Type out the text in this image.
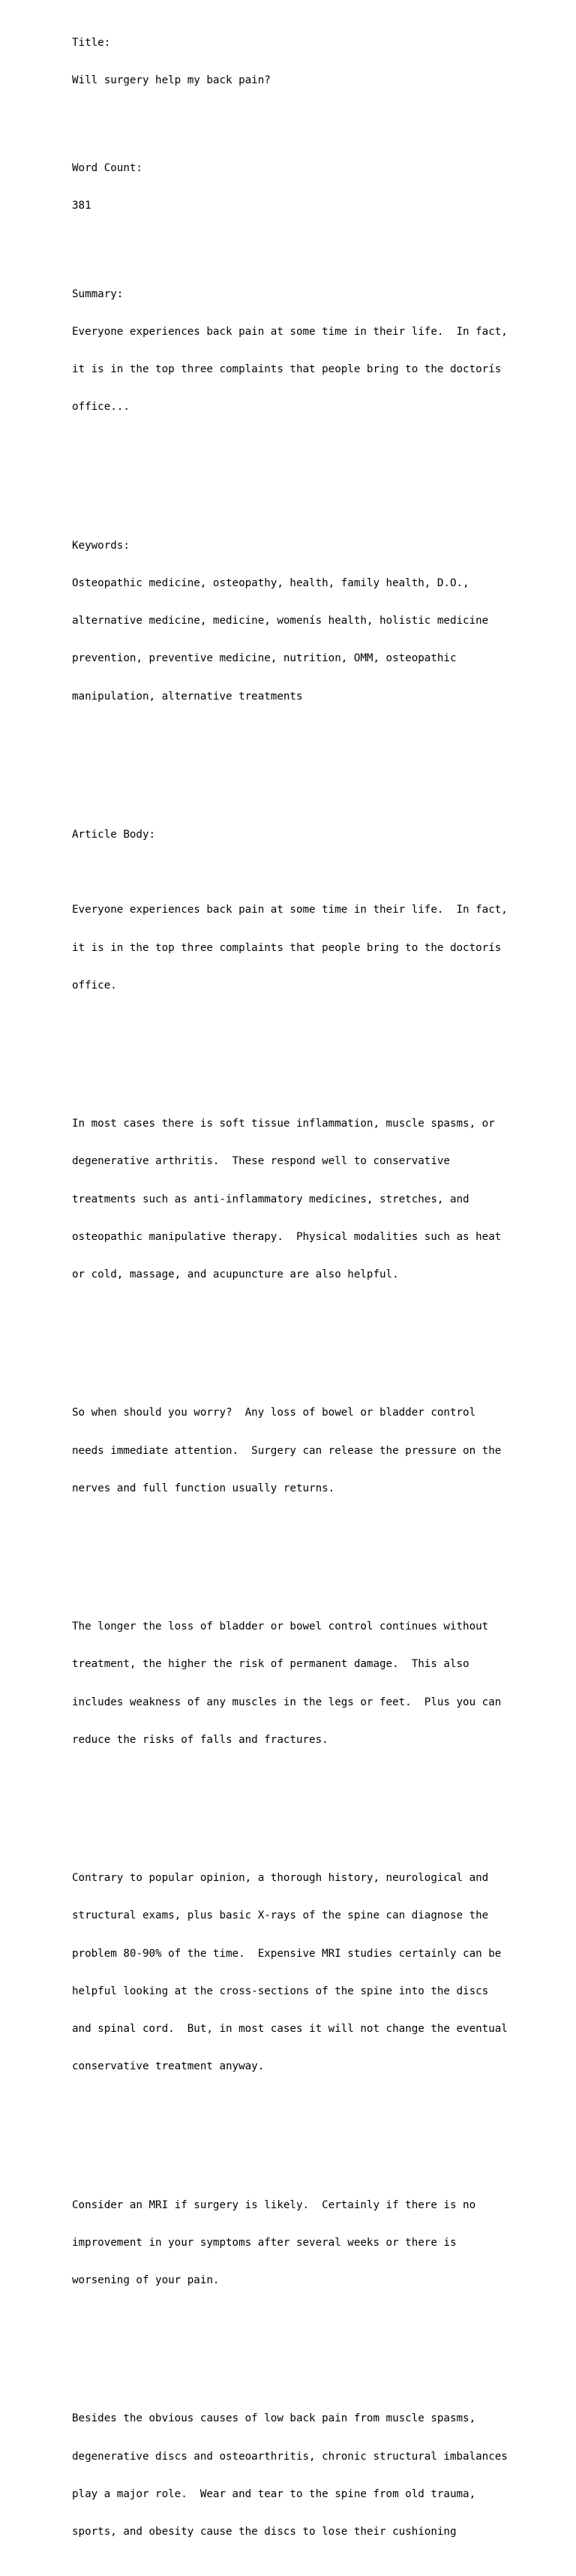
Title:

Will surgery help my back pain?

Word Count:

381

Summary:

Everyone experiences back pain at some time in their life.  In fact,

it is in the top three complaints that people bring to the doctorís

office...

Keywords:

Osteopathic medicine, osteopathy, health, family health, D.O.,

alternative medicine, medicine, womenís health, holistic medicine

prevention, preventive medicine, nutrition, OMM, osteopathic

manipulation, alternative treatments

Article Body:

Everyone experiences back pain at some time in their life.  In fact,

it is in the top three complaints that people bring to the doctorís

office.

In most cases there is soft tissue inflammation, muscle spasms, or

degenerative arthritis.  These respond well to conservative

treatments such as anti-inflammatory medicines, stretches, and

osteopathic manipulative therapy.  Physical modalities such as heat

or cold, massage, and acupuncture are also helpful.

So when should you worry?  Any loss of bowel or bladder control

needs immediate attention.  Surgery can release the pressure on the

nerves and full function usually returns.

The longer the loss of bladder or bowel control continues without

treatment, the higher the risk of permanent damage.  This also

includes weakness of any muscles in the legs or feet.  Plus you can

reduce the risks of falls and fractures.

Contrary to popular opinion, a thorough history, neurological and

structural exams, plus basic X-rays of the spine can diagnose the

problem 80-90% of the time.  Expensive MRI studies certainly can be

helpful looking at the cross-sections of the spine into the discs

and spinal cord.  But, in most cases it will not change the eventual

conservative treatment anyway.

Consider an MRI if surgery is likely.  Certainly if there is no

improvement in your symptoms after several weeks or there is

worsening of your pain.

Besides the obvious causes of low back pain from muscle spasms,

degenerative discs and osteoarthritis, chronic structural imbalances

play a major role.  Wear and tear to the spine from old trauma,

sports, and obesity cause the discs to lose their cushioning
